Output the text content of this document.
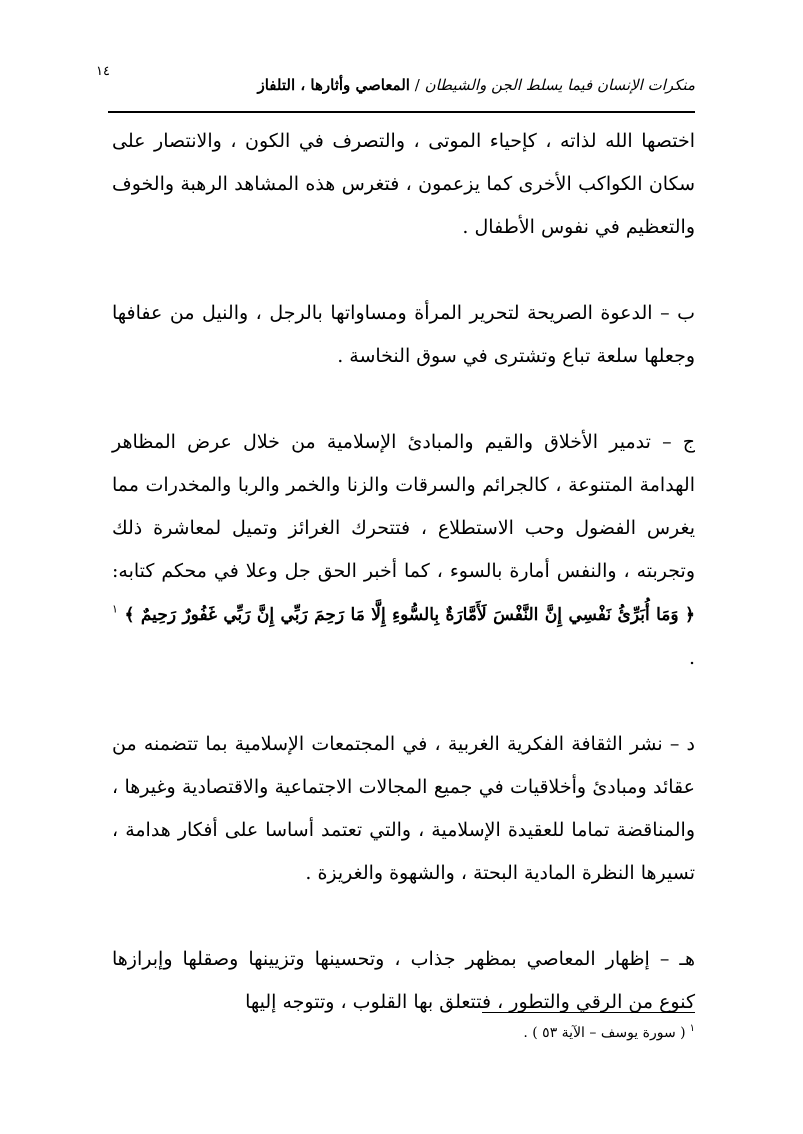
١٤
منكرات الإنسان فيما يسلط الجن والشيطان / المعاصي وأثارها ، التلفاز

اختصها الله لذاته ، كإحياء الموتى ، والتصرف في الكون ، والانتصار على سكان الكواكب الأخرى كما يزعمون ، فتغرس هذه المشاهد الرهبة والخوف والتعظيم في نفوس الأطفال .

ب – الدعوة الصريحة لتحرير المرأة ومساواتها بالرجل ، والنيل من عفافها وجعلها سلعة تباع وتشترى في سوق النخاسة .

ج – تدمير الأخلاق والقيم والمبادئ الإسلامية من خلال عرض المظاهر الهدامة المتنوعة ، كالجرائم والسرقات والزنا والخمر والربا والمخدرات مما يغرس الفضول وحب الاستطلاع ، فتتحرك الغرائز وتميل لمعاشرة ذلك وتجربته ، والنفس أمارة بالسوء ، كما أخبر الحق جل وعلا في محكم كتابه: ﴿ وَمَا أُبَرِّئُ نَفْسِي إِنَّ النَّفْسَ لَأَمَّارَةٌ بِالسُّوءِ إِلَّا مَا رَحِمَ رَبِّي إِنَّ رَبِّي غَفُورٌ رَحِيمٌ ﴾ $^١$ .

د – نشر الثقافة الفكرية الغربية ، في المجتمعات الإسلامية بما تتضمنه من عقائد ومبادئ وأخلاقيات في جميع المجالات الاجتماعية والاقتصادية وغيرها ، والمناقضة تماما للعقيدة الإسلامية ، والتي تعتمد أساسا على أفكار هدامة ، تسيرها النظرة المادية البحتة ، والشهوة والغريزة .

هـ – إظهار المعاصي بمظهر جذاب ، وتحسينها وتزيينها وصقلها وإبرازها كنوع من الرقي والتطور ، فتتعلق بها القلوب ، وتتوجه إليها

$^١$( سورة يوسف – الآية ٥٣ ) .
